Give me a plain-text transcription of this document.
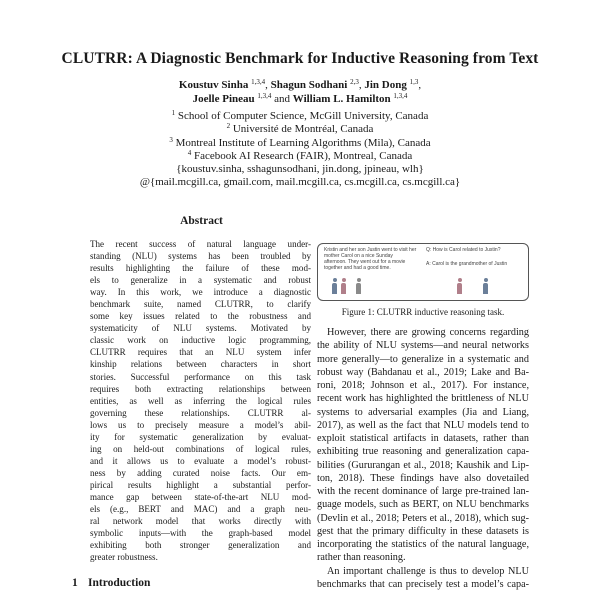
CLUTRR: A Diagnostic Benchmark for Inductive Reasoning from Text
Koustuv Sinha $^{1,3,4}$, Shagun Sodhani $^{2,3}$, Jin Dong $^{1,3}$,
Joelle Pineau $^{1,3,4}$ and William L. Hamilton $^{1,3,4}$
$^1$ School of Computer Science, McGill University, Canada
$^2$ Université de Montréal, Canada
$^3$ Montreal Institute of Learning Algorithms (Mila), Canada
$^4$ Facebook AI Research (FAIR), Montreal, Canada
{koustuv.sinha, sshagunsodhani, jin.dong, jpineau, wlh}
@{mail.mcgill.ca, gmail.com, mail.mcgill.ca, cs.mcgill.ca, cs.mcgill.ca}
Abstract
The recent success of natural language under-
standing (NLU) systems has been troubled by
results highlighting the failure of these mod-
els to generalize in a systematic and robust
way. In this work, we introduce a diagnostic
benchmark suite, named CLUTRR, to clarify
some key issues related to the robustness and
systematicity of NLU systems. Motivated by
classic work on inductive logic programming,
CLUTRR requires that an NLU system infer
kinship relations between characters in short
stories. Successful performance on this task
requires both extracting relationships between
entities, as well as inferring the logical rules
governing these relationships. CLUTRR al-
lows us to precisely measure a model’s abil-
ity for systematic generalization by evaluat-
ing on held-out combinations of logical rules,
and it allows us to evaluate a model’s robust-
ness by adding curated noise facts. Our em-
pirical results highlight a substantial perfor-
mance gap between state-of-the-art NLU mod-
els (e.g., BERT and MAC) and a graph neu-
ral network model that works directly with
symbolic inputs—with the graph-based model
exhibiting both stronger generalization and
greater robustness.
1 Introduction
Kristin and her son Justin went to visit her
mother Carol on a nice Sunday
afternoon. They went out for a movie
together and had a good time.
Q: How is Carol related to Justin?
A: Carol is the grandmother of Justin
Figure 1: CLUTRR inductive reasoning task.
However, there are growing concerns regarding
the ability of NLU systems—and neural networks
more generally—to generalize in a systematic and
robust way (Bahdanau et al., 2019; Lake and Ba-
roni, 2018; Johnson et al., 2017). For instance,
recent work has highlighted the brittleness of NLU
systems to adversarial examples (Jia and Liang,
2017), as well as the fact that NLU models tend to
exploit statistical artifacts in datasets, rather than
exhibiting true reasoning and generalization capa-
bilities (Gururangan et al., 2018; Kaushik and Lip-
ton, 2018). These findings have also dovetailed
with the recent dominance of large pre-trained lan-
guage models, such as BERT, on NLU benchmarks
(Devlin et al., 2018; Peters et al., 2018), which sug-
gest that the primary difficulty in these datasets is
incorporating the statistics of the natural language,
rather than reasoning.
An important challenge is thus to develop NLU
benchmarks that can precisely test a model’s capa-
